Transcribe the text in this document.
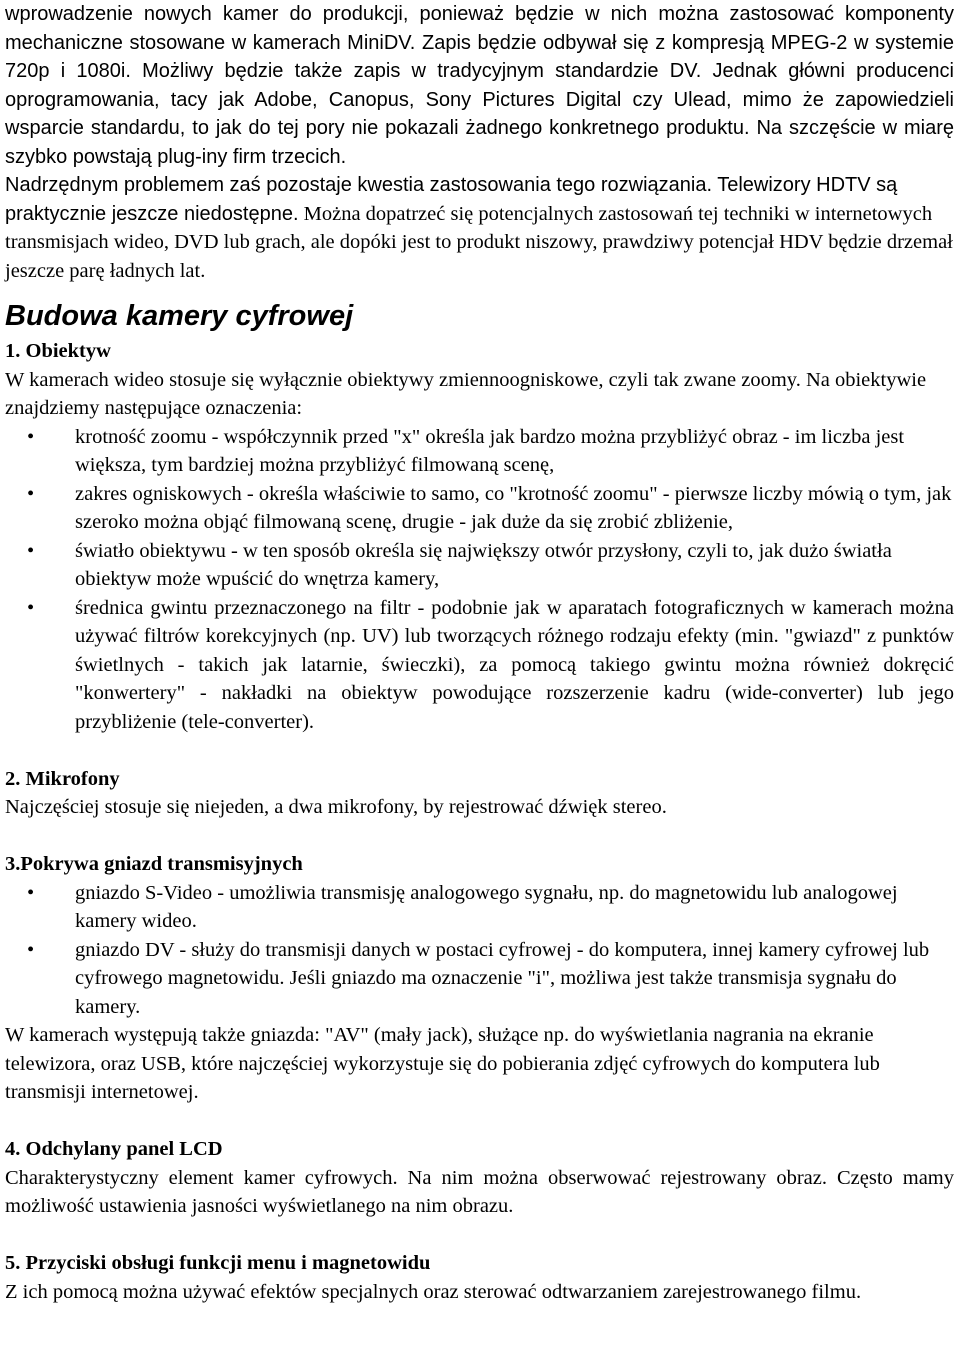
wprowadzenie nowych kamer do produkcji, ponieważ będzie w nich można zastosować komponenty mechaniczne stosowane w kamerach MiniDV. Zapis będzie odbywał się z kompresją MPEG-2 w systemie 720p i 1080i. Możliwy będzie także zapis w tradycyjnym standardzie DV. Jednak główni producenci oprogramowania, tacy jak Adobe, Canopus, Sony Pictures Digital czy Ulead, mimo że zapowiedzieli wsparcie standardu, to jak do tej pory nie pokazali żadnego konkretnego produktu. Na szczęście w miarę szybko powstają plug-iny firm trzecich.

Nadrzędnym problemem zaś pozostaje kwestia zastosowania tego rozwiązania. Telewizory HDTV są praktycznie jeszcze niedostępne. Można dopatrzeć się potencjalnych zastosowań tej techniki w internetowych transmisjach wideo, DVD lub grach, ale dopóki jest to produkt niszowy, prawdziwy potencjał HDV będzie drzemał jeszcze parę ładnych lat.

Budowa kamery cyfrowej

1. Obiektyw

W kamerach wideo stosuje się wyłącznie obiektywy zmiennoogniskowe, czyli tak zwane zoomy. Na obiektywie znajdziemy następujące oznaczenia:

• krotność zoomu - współczynnik przed "x" określa jak bardzo można przybliżyć obraz - im liczba jest większa, tym bardziej można przybliżyć filmowaną scenę,
• zakres ogniskowych - określa właściwie to samo, co "krotność zoomu" - pierwsze liczby mówią o tym, jak szeroko można objąć filmowaną scenę, drugie - jak duże da się zrobić zbliżenie,
• światło obiektywu - w ten sposób określa się największy otwór przysłony, czyli to, jak dużo światła obiektyw może wpuścić do wnętrza kamery,
• średnica gwintu przeznaczonego na filtr - podobnie jak w aparatach fotograficznych w kamerach można używać filtrów korekcyjnych (np. UV) lub tworzących różnego rodzaju efekty (min. "gwiazd" z punktów świetlnych - takich jak latarnie, świeczki), za pomocą takiego gwintu można również dokręcić "konwertery" - nakładki na obiektyw powodujące rozszerzenie kadru (wide-converter) lub jego przybliżenie (tele-converter).

2. Mikrofony

Najczęściej stosuje się niejeden, a dwa mikrofony, by rejestrować dźwięk stereo.

3.Pokrywa gniazd transmisyjnych

• gniazdo S-Video - umożliwia transmisję analogowego sygnału, np. do magnetowidu lub analogowej kamery wideo.
• gniazdo DV - służy do transmisji danych w postaci cyfrowej - do komputera, innej kamery cyfrowej lub cyfrowego magnetowidu. Jeśli gniazdo ma oznaczenie "i", możliwa jest także transmisja sygnału do kamery.

W kamerach występują także gniazda: "AV" (mały jack), służące np. do wyświetlania nagrania na ekranie telewizora, oraz USB, które najczęściej wykorzystuje się do pobierania zdjęć cyfrowych do komputera lub transmisji internetowej.

4. Odchylany panel LCD

Charakterystyczny element kamer cyfrowych. Na nim można obserwować rejestrowany obraz. Często mamy możliwość ustawienia jasności wyświetlanego na nim obrazu.

5. Przyciski obsługi funkcji menu i magnetowidu

Z ich pomocą można używać efektów specjalnych oraz sterować odtwarzaniem zarejestrowanego filmu.
